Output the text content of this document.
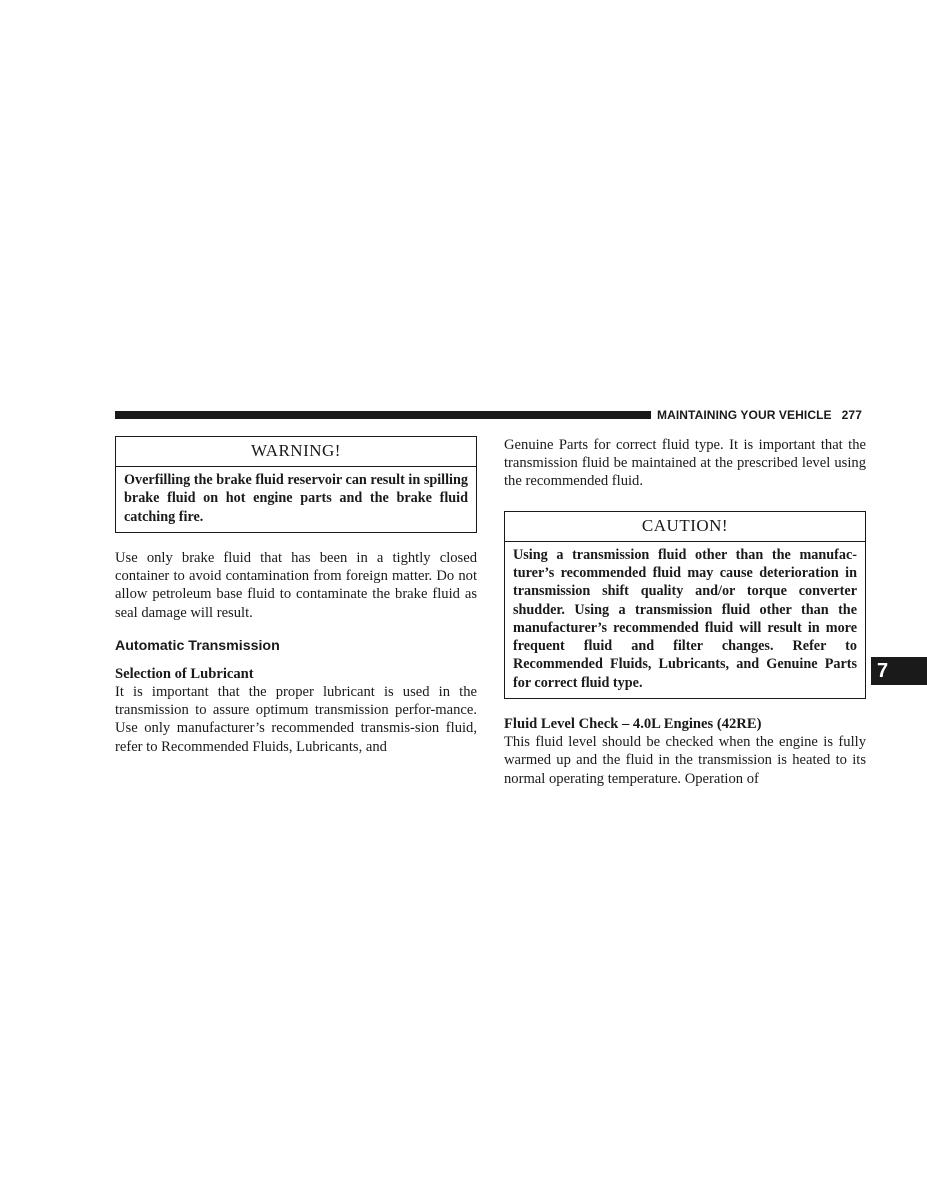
MAINTAINING YOUR VEHICLE 277
WARNING!
Overfilling the brake fluid reservoir can result in spilling brake fluid on hot engine parts and the brake fluid catching fire.

Use only brake fluid that has been in a tightly closed container to avoid contamination from foreign matter. Do not allow petroleum base fluid to contaminate the brake fluid as seal damage will result.

Automatic Transmission
Selection of Lubricant

It is important that the proper lubricant is used in the transmission to assure optimum transmission perfor-mance. Use only manufacturer’s recommended transmis-sion fluid, refer to Recommended Fluids, Lubricants, and

Genuine Parts for correct fluid type. It is important that the transmission fluid be maintained at the prescribed level using the recommended fluid.

CAUTION!
Using a transmission fluid other than the manufac-turer’s recommended fluid may cause deterioration in transmission shift quality and/or torque converter shudder. Using a transmission fluid other than the manufacturer’s recommended fluid will result in more frequent fluid and filter changes. Refer to Recommended Fluids, Lubricants, and Genuine Parts for correct fluid type.
Fluid Level Check – 4.0L Engines (42RE)

This fluid level should be checked when the engine is fully warmed up and the fluid in the transmission is heated to its normal operating temperature. Operation of

7
